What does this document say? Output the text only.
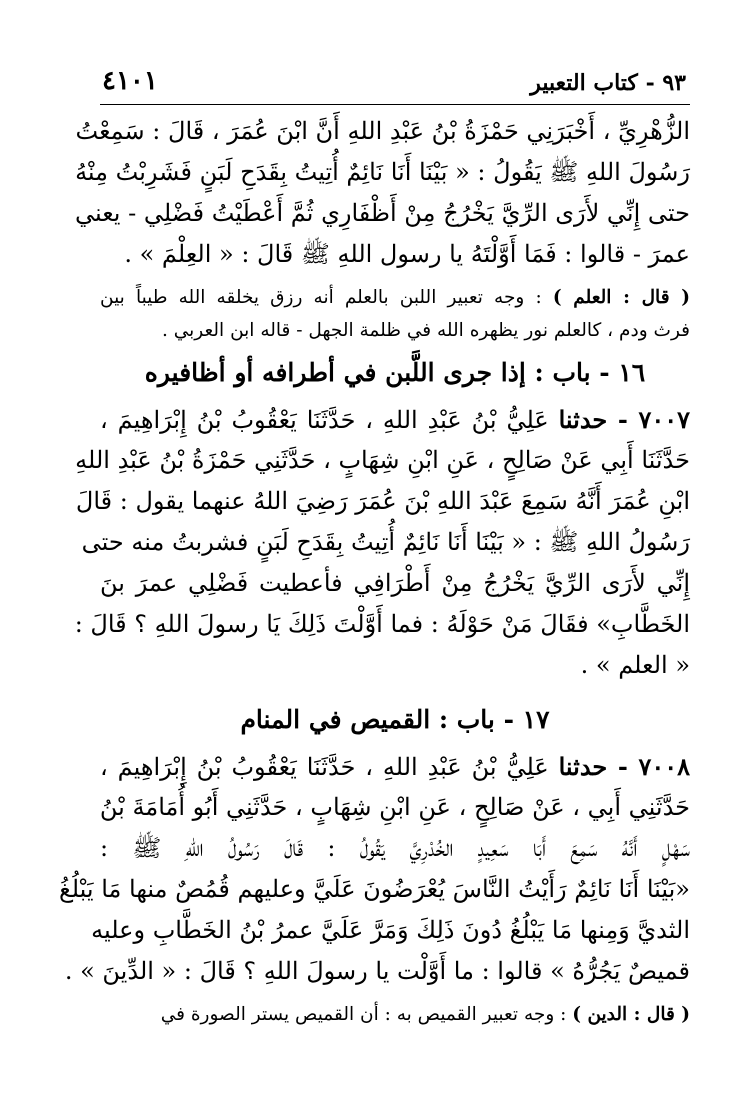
٩٣ - كتاب التعبير
٤١٠١
الزُّهْرِيِّ ، أَخْبَرَنِي حَمْزَةُ بْنُ عَبْدِ اللهِ أَنَّ ابْنَ عُمَرَ ، قَالَ : سَمِعْتُ
رَسُولَ اللهِ ﷺ يَقُولُ : « بَيْنَا أَنَا نَائِمٌ أُتِيتُ بِقَدَحِ لَبَنٍ فَشَرِبْتُ مِنْهُ
حتى إِنِّي لأَرَى الرِّيَّ يَخْرُجُ مِنْ أَظْفَارِي ثُمَّ أَعْطَيْتُ فَضْلِي - يعني
عمرَ - قالوا : فَمَا أَوَّلْتَهُ يا رسول اللهِ ﷺ قَالَ : « العِلْمَ » .
( قال : العلم ) : وجه تعبير اللبن بالعلم أنه رزق يخلقه الله طيباً بين
فرث ودم ، كالعلم نور يظهره الله في ظلمة الجهل - قاله ابن العربي .
١٦ - باب : إذا جرى اللَّبن في أطرافه أو أظافيره
٧٠٠٧ - حدثنا عَلِيُّ بْنُ عَبْدِ اللهِ ، حَدَّثَنَا يَعْقُوبُ بْنُ إِبْرَاهِيمَ ،
حَدَّثَنَا أَبِي عَنْ صَالِحٍ ، عَنِ ابْنِ شِهَابٍ ، حَدَّثَنِي حَمْزَةُ بْنُ عَبْدِ اللهِ
ابْنِ عُمَرَ أَنَّهُ سَمِعَ عَبْدَ اللهِ بْنَ عُمَرَ رَضِيَ اللهُ عنهما يقول : قَالَ
رَسُولُ اللهِ ﷺ : « بَيْنَا أَنَا نَائِمٌ أُتِيتُ بِقَدَحِ لَبَنٍ فشربتُ منه حتى
إِنِّي لأَرَى الرِّيَّ يَخْرُجُ مِنْ أَطْرَافِي فأعطيت فَضْلِي عمرَ بنَ
الخَطَّابِ» فقَالَ مَنْ حَوْلَهُ : فما أَوَّلْتَ ذَلِكَ يَا رسولَ اللهِ ؟ قَالَ :
« العلم » .
١٧ - باب : القميص في المنام
٧٠٠٨ - حدثنا عَلِيُّ بْنُ عَبْدِ اللهِ ، حَدَّثَنَا يَعْقُوبُ بْنُ إِبْرَاهِيمَ ،
حَدَّثَنِي أَبِي ، عَنْ صَالِحٍ ، عَنِ ابْنِ شِهَابٍ ، حَدَّثَنِي أَبُو أُمَامَةَ بْنُ
سَهْلٍ أَنَّهُ سَمِعَ أَبَا سَعِيدٍ الخُدْرِيَّ يَقُولُ : قَالَ رَسُولُ اللهِ ﷺ :
«بَيْنَا أَنَا نَائِمٌ رَأَيْتُ النَّاسَ يُعْرَضُونَ عَلَيَّ وعليهم قُمُصٌ منها مَا يَبْلُغُ
الثديَّ وَمِنها مَا يَبْلُغُ دُونَ ذَلِكَ وَمَرَّ عَلَيَّ عمرُ بْنُ الخَطَّابِ وعليه
قميصٌ يَجُرُّهُ » قالوا : ما أَوَّلْت يا رسولَ اللهِ ؟ قَالَ : « الدِّينَ » .
( قال : الدين ) : وجه تعبير القميص به : أن القميص يستر الصورة في
